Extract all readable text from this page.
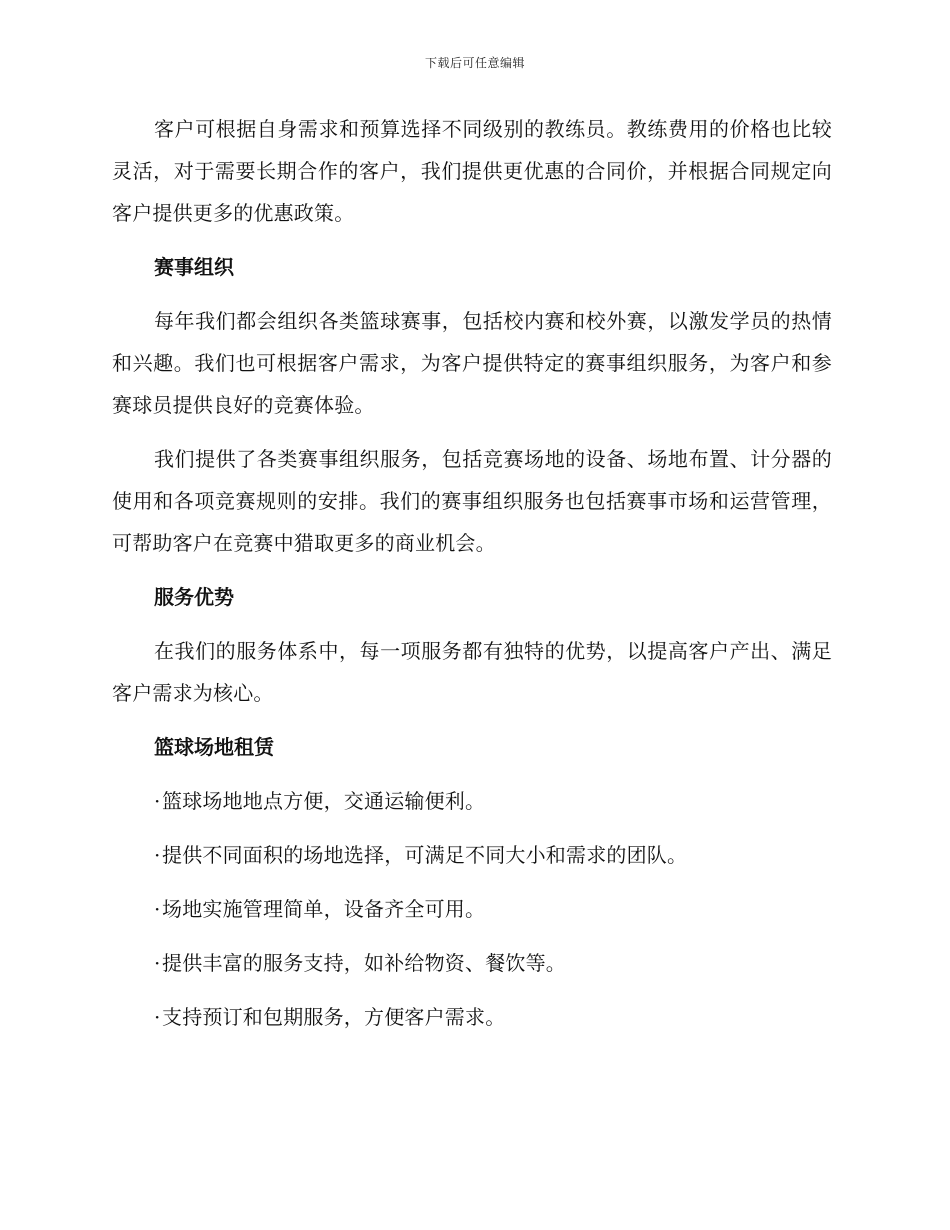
下载后可任意编辑

客户可根据自身需求和预算选择不同级别的教练员。教练费用的价格也比较灵活，对于需要长期合作的客户，我们提供更优惠的合同价，并根据合同规定向客户提供更多的优惠政策。

赛事组织

每年我们都会组织各类篮球赛事，包括校内赛和校外赛，以激发学员的热情和兴趣。我们也可根据客户需求，为客户提供特定的赛事组织服务，为客户和参赛球员提供良好的竞赛体验。

我们提供了各类赛事组织服务，包括竞赛场地的设备、场地布置、计分器的使用和各项竞赛规则的安排。我们的赛事组织服务也包括赛事市场和运营管理，可帮助客户在竞赛中猎取更多的商业机会。

服务优势

在我们的服务体系中，每一项服务都有独特的优势，以提高客户产出、满足客户需求为核心。

篮球场地租赁
·篮球场地地点方便，交通运输便利。
·提供不同面积的场地选择，可满足不同大小和需求的团队。
·场地实施管理简单，设备齐全可用。
·提供丰富的服务支持，如补给物资、餐饮等。
·支持预订和包期服务，方便客户需求。
